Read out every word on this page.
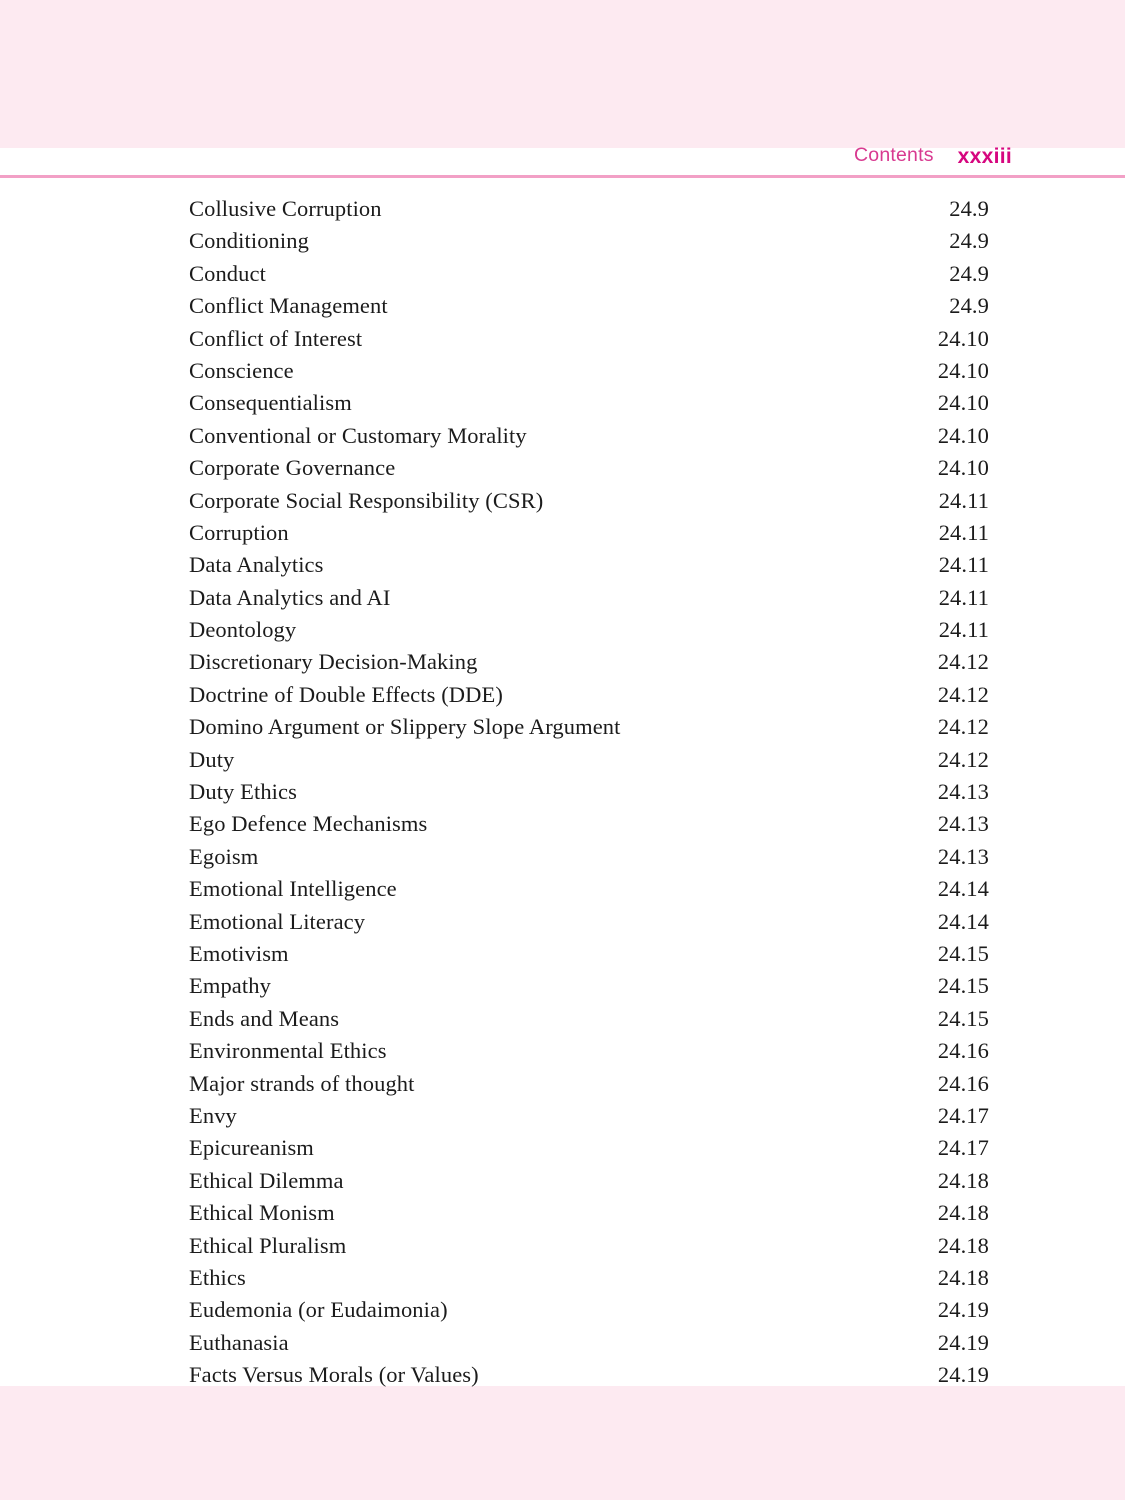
Contents xxxiii
Collusive Corruption	24.9
Conditioning	24.9
Conduct	24.9
Conflict Management	24.9
Conflict of Interest	24.10
Conscience	24.10
Consequentialism	24.10
Conventional or Customary Morality	24.10
Corporate Governance	24.10
Corporate Social Responsibility (CSR)	24.11
Corruption	24.11
Data Analytics	24.11
Data Analytics and AI	24.11
Deontology	24.11
Discretionary Decision-Making	24.12
Doctrine of Double Effects (DDE)	24.12
Domino Argument or Slippery Slope Argument	24.12
Duty	24.12
Duty Ethics	24.13
Ego Defence Mechanisms	24.13
Egoism	24.13
Emotional Intelligence	24.14
Emotional Literacy	24.14
Emotivism	24.15
Empathy	24.15
Ends and Means	24.15
Environmental Ethics	24.16
Major strands of thought	24.16
Envy	24.17
Epicureanism	24.17
Ethical Dilemma	24.18
Ethical Monism	24.18
Ethical Pluralism	24.18
Ethics	24.18
Eudemonia (or Eudaimonia)	24.19
Euthanasia	24.19
Facts Versus Morals (or Values)	24.19
